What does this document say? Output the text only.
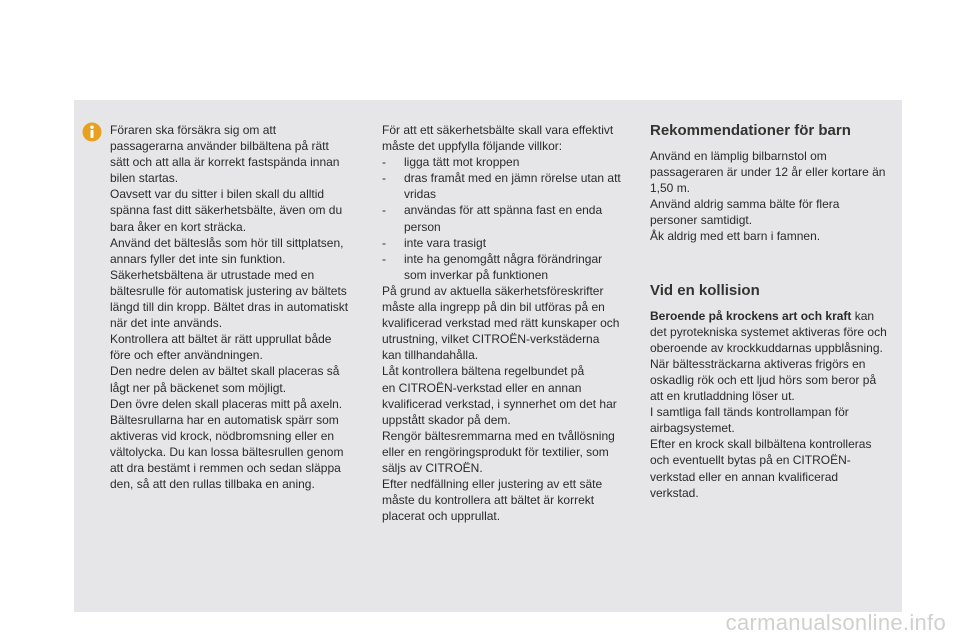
Föraren ska försäkra sig om att

passagerarna använder bilbältena på rätt

sätt och att alla är korrekt fastspända innan

bilen startas.

Oavsett var du sitter i bilen skall du alltid

spänna fast ditt säkerhetsbälte, även om du

bara åker en kort sträcka.

Använd det bälteslås som hör till sittplatsen,

annars fyller det inte sin funktion.

Säkerhetsbältena är utrustade med en

bältesrulle för automatisk justering av bältets

längd till din kropp. Bältet dras in automatiskt

när det inte används.

Kontrollera att bältet är rätt upprullat både

före och efter användningen.

Den nedre delen av bältet skall placeras så

lågt ner på bäckenet som möjligt.

Den övre delen skall placeras mitt på axeln.

Bältesrullarna har en automatisk spärr som

aktiveras vid krock, nödbromsning eller en

vältolycka. Du kan lossa bältesrullen genom

att dra bestämt i remmen och sedan släppa

den, så att den rullas tillbaka en aning.

För att ett säkerhetsbälte skall vara effektivt

måste det uppfylla följande villkor:

- ligga tätt mot kroppen

- dras framåt med en jämn rörelse utan att

vridas

- användas för att spänna fast en enda

person

- inte vara trasigt

- inte ha genomgått några förändringar

som inverkar på funktionen

På grund av aktuella säkerhetsföreskrifter

måste alla ingrepp på din bil utföras på en

kvalificerad verkstad med rätt kunskaper och

utrustning, vilket CITROËN-verkstäderna

kan tillhandahålla.

Låt kontrollera bältena regelbundet på

en CITROËN-verkstad eller en annan

kvalificerad verkstad, i synnerhet om det har

uppstått skador på dem.

Rengör bältesremmarna med en tvållösning

eller en rengöringsprodukt för textilier, som

säljs av CITROËN.

Efter nedfällning eller justering av ett säte

måste du kontrollera att bältet är korrekt

placerat och upprullat.

Rekommendationer för barn

Använd en lämplig bilbarnstol om

passageraren är under 12 år eller kortare än

1,50 m.

Använd aldrig samma bälte för flera

personer samtidigt.

Åk aldrig med ett barn i famnen.

Vid en kollision

Beroende på krockens art och kraft kan

det pyrotekniska systemet aktiveras före och

oberoende av krockkuddarnas uppblåsning.

När bältessträckarna aktiveras frigörs en

oskadlig rök och ett ljud hörs som beror på

att en krutladdning löser ut.

I samtliga fall tänds kontrollampan för

airbagsystemet.

Efter en krock skall bilbältena kontrolleras

och eventuellt bytas på en CITROËN-

verkstad eller en annan kvalificerad

verkstad.

carmanualsonline.info
